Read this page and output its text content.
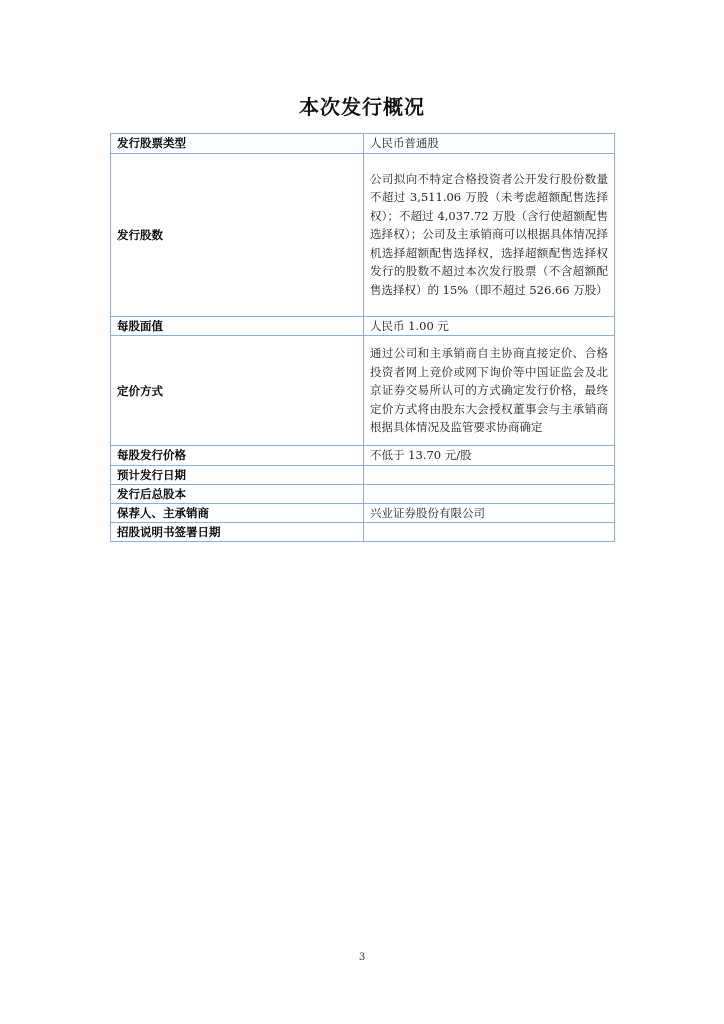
本次发行概况
发行股票类型	人民币普通股
发行股数	公司拟向不特定合格投资者公开发行股份数量不超过 3,511.06 万股（未考虑超额配售选择权）；不超过 4,037.72 万股（含行使超额配售选择权）；公司及主承销商可以根据具体情况择机选择超额配售选择权，选择超额配售选择权发行的股数不超过本次发行股票（不含超额配售选择权）的 15%（即不超过 526.66 万股）
每股面值	人民币 1.00 元
定价方式	通过公司和主承销商自主协商直接定价、合格投资者网上竞价或网下询价等中国证监会及北京证券交易所认可的方式确定发行价格，最终定价方式将由股东大会授权董事会与主承销商根据具体情况及监管要求协商确定
每股发行价格	不低于 13.70 元/股
预计发行日期	
发行后总股本	
保荐人、主承销商	兴业证券股份有限公司
招股说明书签署日期	
3
